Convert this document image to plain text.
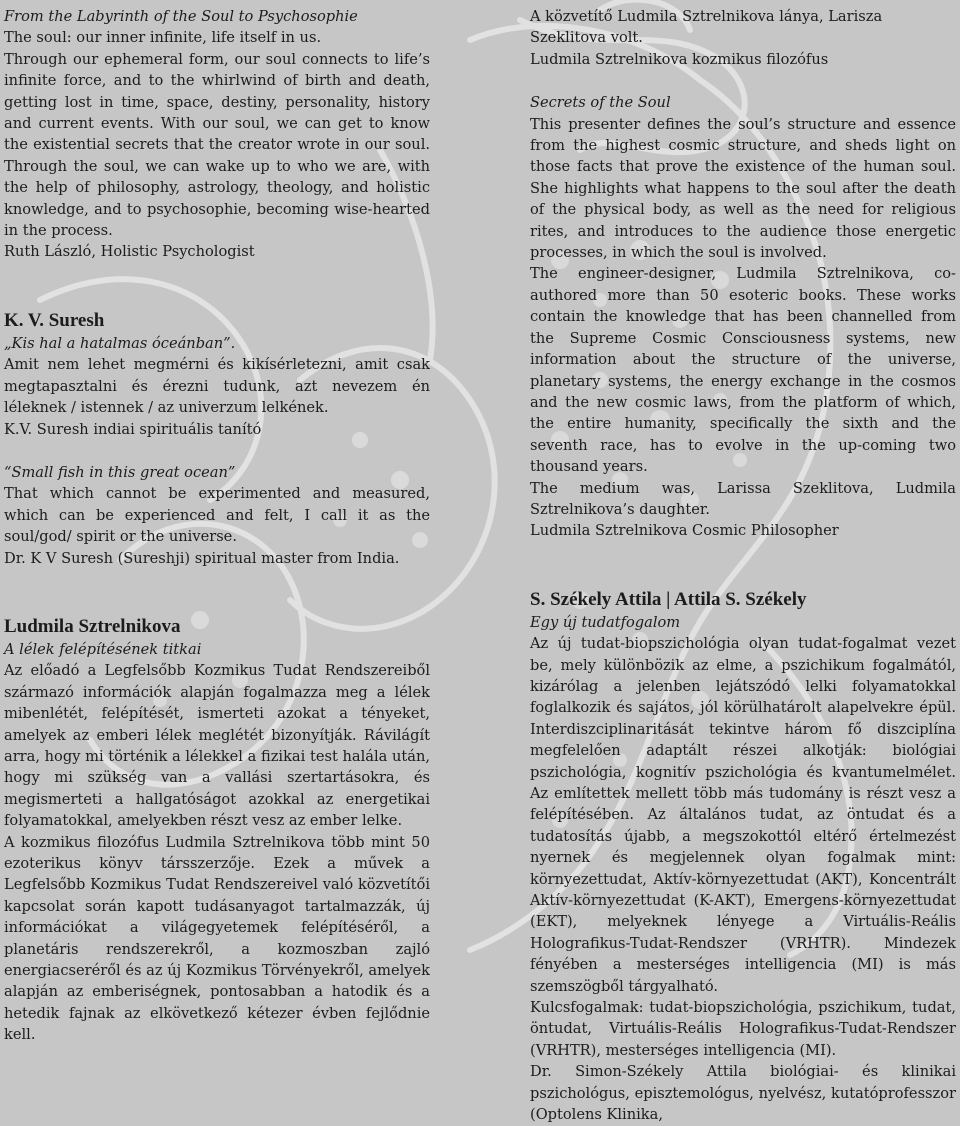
From the Labyrinth of the Soul to Psychosophie

The soul: our inner infinite, life itself in us.

Through our ephemeral form, our soul connects to life’s infinite force, and to the whirlwind of birth and death, getting lost in time, space, destiny, personality, history and current events. With our soul, we can get to know the existential secrets that the creator wrote in our soul. Through the soul, we can wake up to who we are, with the help of philosophy, astrology, theology, and holistic knowledge, and to psychosophie, becoming wise-hearted in the process.

Ruth László, Holistic Psychologist

K. V. Suresh

„Kis hal a hatalmas óceánban”.

Amit nem lehet megmérni és kikísérletezni, amit csak megtapasztalni és érezni tudunk, azt nevezem én léleknek / istennek / az univerzum lelkének.

K.V. Suresh indiai spirituális tanító

“Small fish in this great ocean”

That which cannot be experimented and measured, which can be experienced and felt, I call it as the soul/god/ spirit or the universe.

Dr. K V Suresh (Sureshji) spiritual master from India.

Ludmila Sztrelnikova

A lélek felépítésének titkai

Az előadó a Legfelsőbb Kozmikus Tudat Rendszereiből származó információk alapján fogalmazza meg a lélek mibenlétét, felépítését, ismerteti azokat a tényeket, amelyek az emberi lélek meglétét bizonyítják. Rávilágít arra, hogy mi történik a lélekkel a fizikai test halála után, hogy mi szükség van a vallási szertartásokra, és megismerteti a hallgatóságot azokkal az energetikai folyamatokkal, amelyekben részt vesz az ember lelke.

A kozmikus filozófus Ludmila Sztrelnikova több mint 50 ezoterikus könyv társszerzője. Ezek a művek a Legfelsőbb Kozmikus Tudat Rendszereivel való közvetítői kapcsolat során kapott tudásanyagot tartalmazzák, új információkat a világegyetemek felépítéséről, a planetáris rendszerekről, a kozmoszban zajló energiacseréről és az új Kozmikus Törvényekről, amelyek alapján az emberiségnek, pontosabban a hatodik és a hetedik fajnak az elkövetkező kétezer évben fejlődnie kell.

A közvetítő Ludmila Sztrelnikova lánya, Larisza Szeklitova volt.

Ludmila Sztrelnikova kozmikus filozófus

Secrets of the Soul

This presenter defines the soul’s structure and essence from the highest cosmic structure, and sheds light on those facts that prove the existence of the human soul. She highlights what happens to the soul after the death of the physical body, as well as the need for religious rites, and introduces to the audience those energetic processes, in which the soul is involved.

The engineer-designer, Ludmila Sztrelnikova, co-authored more than 50 esoteric books. These works contain the knowledge that has been channelled from the Supreme Cosmic Consciousness systems, new information about the structure of the universe, planetary systems, the energy exchange in the cosmos and the new cosmic laws, from the platform of which, the entire humanity, specifically the sixth and the seventh race, has to evolve in the up-coming two thousand years.

The medium was, Larissa Szeklitova, Ludmila Sztrelnikova’s daughter.

Ludmila Sztrelnikova Cosmic Philosopher

S. Székely Attila | Attila S. Székely

Egy új tudatfogalom

Az új tudat-biopszichológia olyan tudat-fogalmat vezet be, mely különbözik az elme, a pszichikum fogalmától, kizárólag a jelenben lejátszódó lelki folyamatokkal foglalkozik és sajátos, jól körülhatárolt alapelvekre épül. Interdiszciplinaritását tekintve három fő diszciplína megfelelően adaptált részei alkotják: biológiai pszichológia, kognitív pszichológia és kvantumelmélet. Az említettek mellett több más tudomány is részt vesz a felépítésében. Az általános tudat, az öntudat és a tudatosítás újabb, a megszokottól eltérő értelmezést nyernek és megjelennek olyan fogalmak mint: környezettudat, Aktív-környezettudat (AKT), Koncentrált Aktív-környezettudat (K-AKT), Emergens-környezettudat (EKT), melyeknek lényege a Virtuális-Reális Holografikus-Tudat-Rendszer (VRHTR). Mindezek fényében a mesterséges intelligencia (MI) is más szemszögből tárgyalható.

Kulcsfogalmak: tudat-biopszichológia, pszichikum, tudat, öntudat, Virtuális-Reális Holografikus-Tudat-Rendszer (VRHTR), mesterséges intelligencia (MI).

Dr. Simon-Székely Attila biológiai- és klinikai pszichológus, episztemológus, nyelvész, kutatóprofesszor (Optolens Klinika,
